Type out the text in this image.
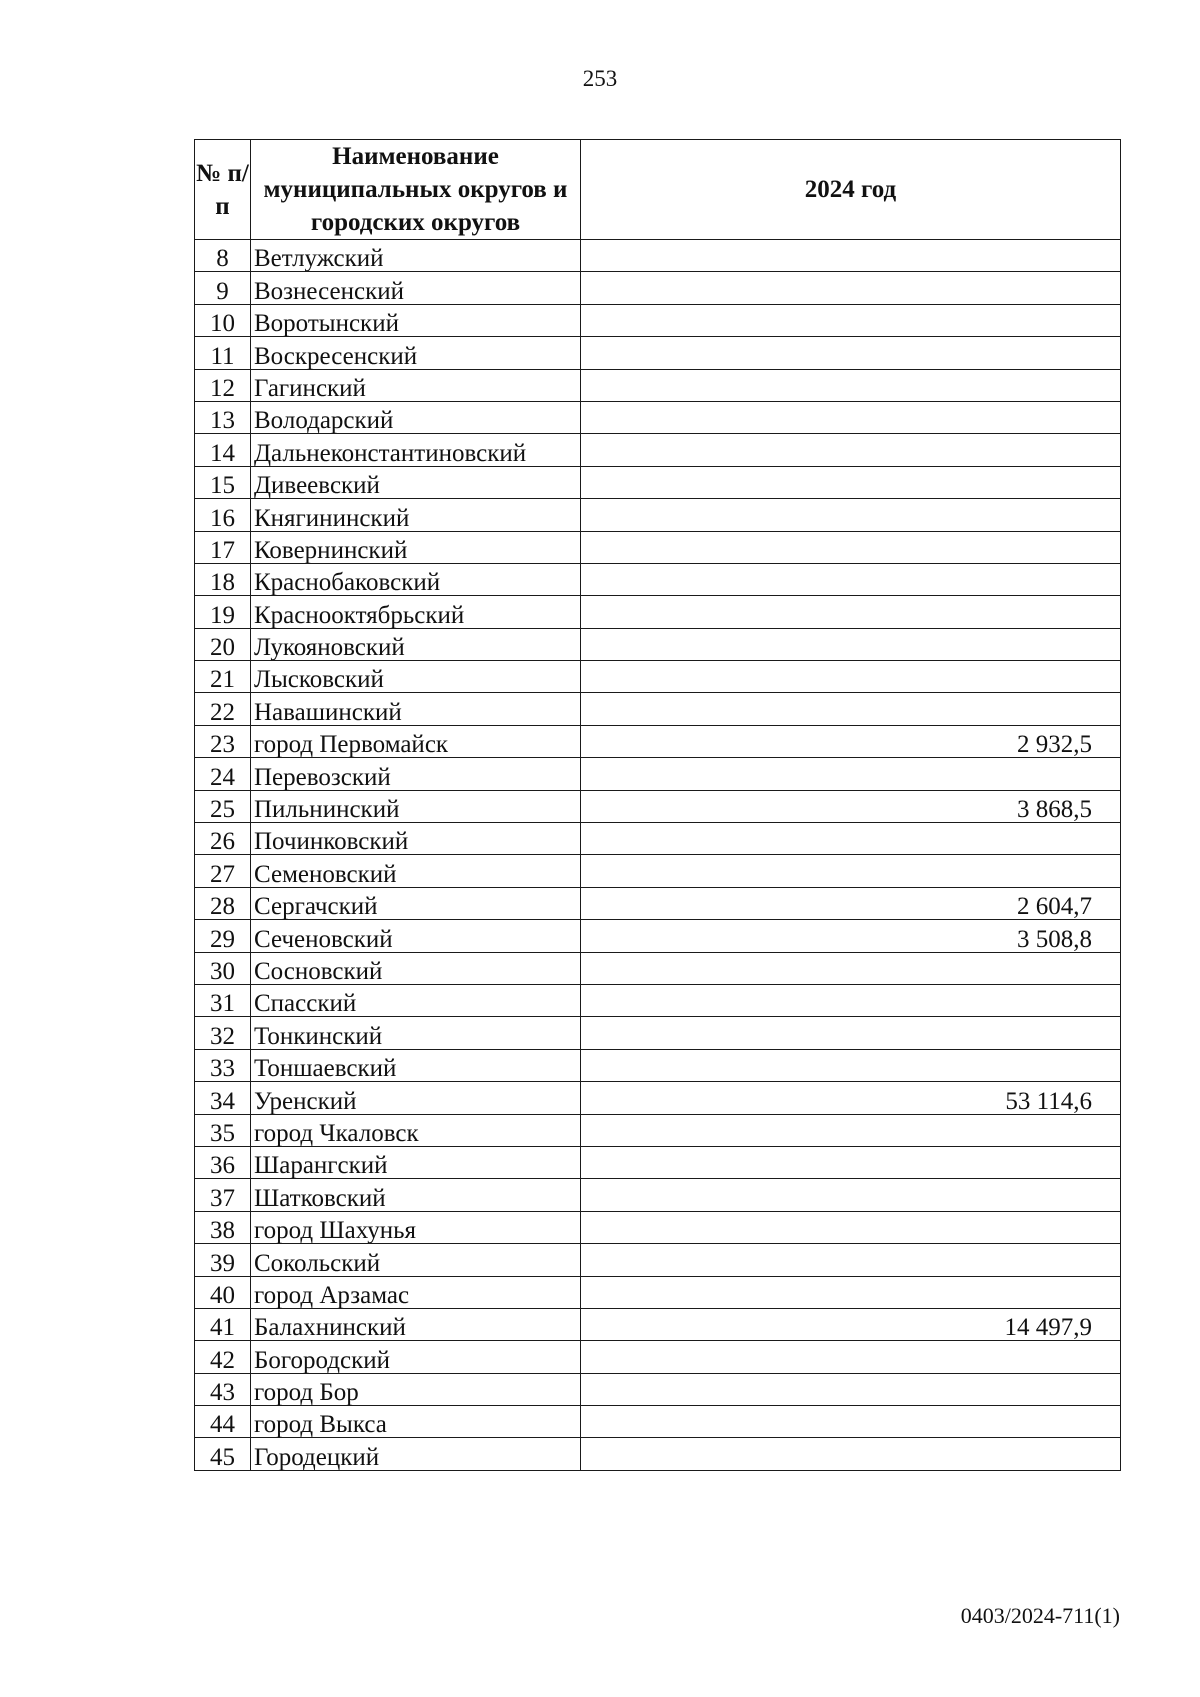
253
№ п/п	Наименование муниципальных округов и городских округов	2024 год
8	Ветлужский	
9	Вознесенский	
10	Воротынский	
11	Воскресенский	
12	Гагинский	
13	Володарский	
14	Дальнеконстантиновский	
15	Дивеевский	
16	Княгининский	
17	Ковернинский	
18	Краснобаковский	
19	Краснооктябрьский	
20	Лукояновский	
21	Лысковский	
22	Навашинский	
23	город Первомайск	2 932,5
24	Перевозский	
25	Пильнинский	3 868,5
26	Починковский	
27	Семеновский	
28	Сергачский	2 604,7
29	Сеченовский	3 508,8
30	Сосновский	
31	Спасский	
32	Тонкинский	
33	Тоншаевский	
34	Уренский	53 114,6
35	город Чкаловск	
36	Шарангский	
37	Шатковский	
38	город Шахунья	
39	Сокольский	
40	город Арзамас	
41	Балахнинский	14 497,9
42	Богородский	
43	город Бор	
44	город Выкса	
45	Городецкий	
0403/2024-711(1)
